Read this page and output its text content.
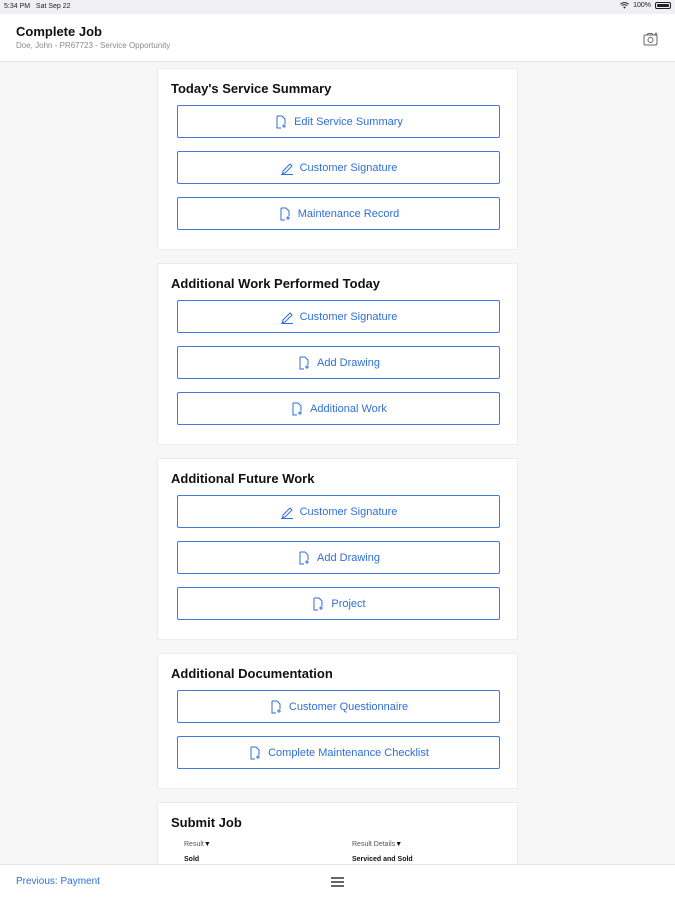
5:34 PM Sat Sep 22	100%
Complete Job
Doe, John - PR67723 - Service Opportunity
Today's Service Summary
Edit Service Summary
Customer Signature
Maintenance Record
Additional Work Performed Today
Customer Signature
Add Drawing
Additional Work
Additional Future Work
Customer Signature
Add Drawing
Project
Additional Documentation
Customer Questionnaire
Complete Maintenance Checklist
Submit Job
Result▼
Sold
Result Details▼
Serviced and Sold
Previous: Payment
